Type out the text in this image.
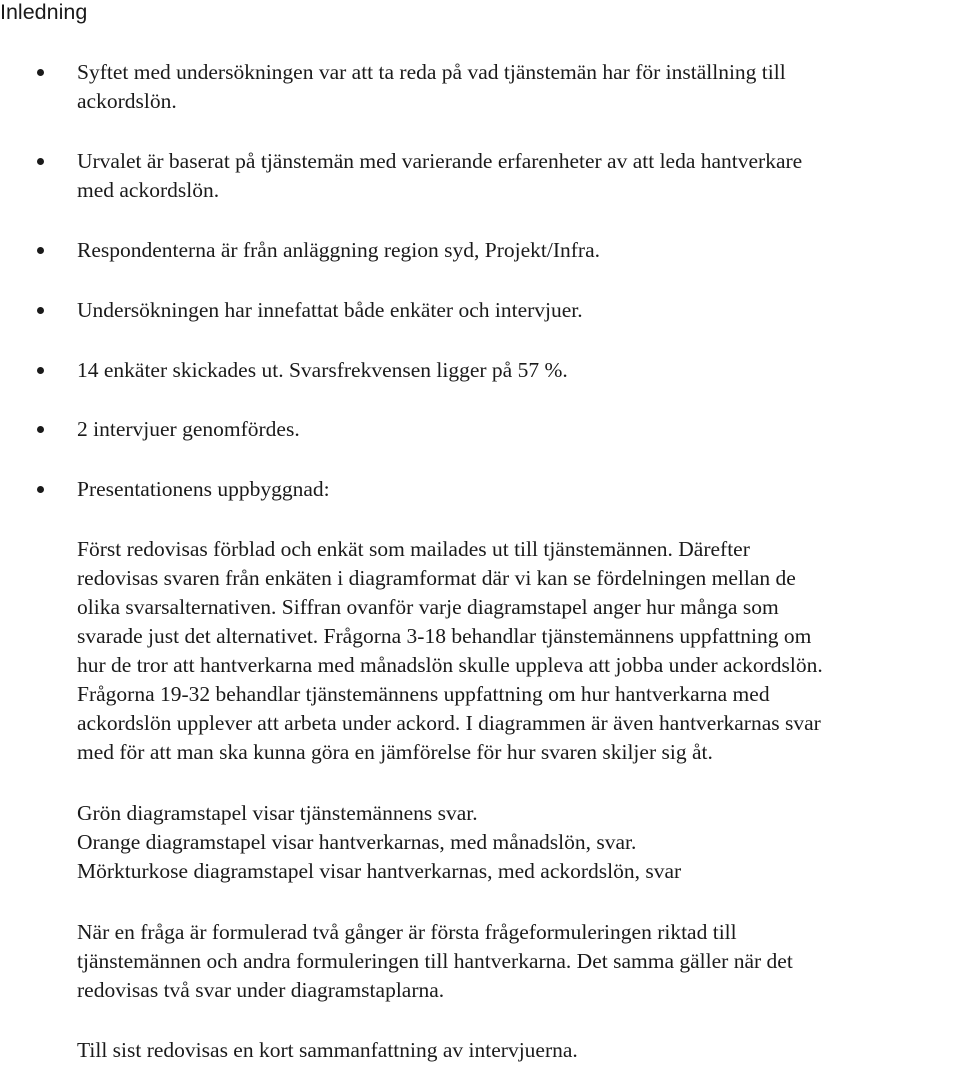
Inledning
Syftet med undersökningen var att ta reda på vad tjänstemän har för inställning till
ackordslön.
Urvalet är baserat på tjänstemän med varierande erfarenheter av att leda hantverkare
med ackordslön.
Respondenterna är från anläggning region syd, Projekt/Infra.
Undersökningen har innefattat både enkäter och intervjuer.
14 enkäter skickades ut. Svarsfrekvensen ligger på 57 %.
2 intervjuer genomfördes.
Presentationens uppbyggnad:
Först redovisas förblad och enkät som mailades ut till tjänstemännen. Därefter
redovisas svaren från enkäten i diagramformat där vi kan se fördelningen mellan de
olika svarsalternativen. Siffran ovanför varje diagramstapel anger hur många som
svarade just det alternativet. Frågorna 3-18 behandlar tjänstemännens uppfattning om
hur de tror att hantverkarna med månadslön skulle uppleva att jobba under ackordslön.
Frågorna 19-32 behandlar tjänstemännens uppfattning om hur hantverkarna med
ackordslön upplever att arbeta under ackord. I diagrammen är även hantverkarnas svar
med för att man ska kunna göra en jämförelse för hur svaren skiljer sig åt.
Grön diagramstapel visar tjänstemännens svar.
Orange diagramstapel visar hantverkarnas, med månadslön, svar.
Mörkturkose diagramstapel visar hantverkarnas, med ackordslön, svar
När en fråga är formulerad två gånger är första frågeformuleringen riktad till
tjänstemännen och andra formuleringen till hantverkarna. Det samma gäller när det
redovisas två svar under diagramstaplarna.
Till sist redovisas en kort sammanfattning av intervjuerna.
